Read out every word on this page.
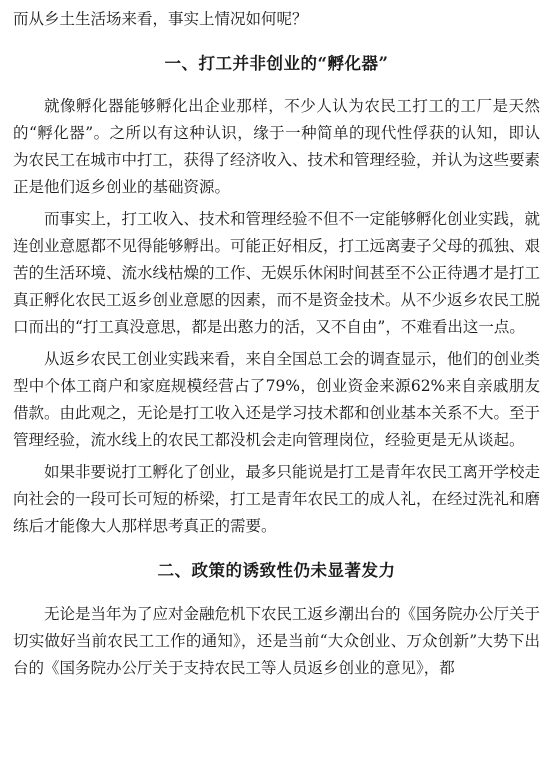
而从乡土生活场来看，事实上情况如何呢？

一、打工并非创业的“孵化器”

就像孵化器能够孵化出企业那样，不少人认为农民工打工的工厂是天然的“孵化器”。之所以有这种认识，缘于一种简单的现代性俘获的认知，即认为农民工在城市中打工，获得了经济收入、技术和管理经验，并认为这些要素正是他们返乡创业的基础资源。

而事实上，打工收入、技术和管理经验不但不一定能够孵化创业实践，就连创业意愿都不见得能够孵出。可能正好相反，打工远离妻子父母的孤独、艰苦的生活环境、流水线枯燥的工作、无娱乐休闲时间甚至不公正待遇才是打工真正孵化农民工返乡创业意愿的因素，而不是资金技术。从不少返乡农民工脱口而出的“打工真没意思，都是出憨力的活，又不自由”，不难看出这一点。

从返乡农民工创业实践来看，来自全国总工会的调查显示，他们的创业类型中个体工商户和家庭规模经营占了79%，创业资金来源62%来自亲戚朋友借款。由此观之，无论是打工收入还是学习技术都和创业基本关系不大。至于管理经验，流水线上的农民工都没机会走向管理岗位，经验更是无从谈起。

如果非要说打工孵化了创业，最多只能说是打工是青年农民工离开学校走向社会的一段可长可短的桥梁，打工是青年农民工的成人礼，在经过洗礼和磨练后才能像大人那样思考真正的需要。

二、政策的诱致性仍未显著发力

无论是当年为了应对金融危机下农民工返乡潮出台的《国务院办公厅关于切实做好当前农民工工作的通知》，还是当前“大众创业、万众创新”大势下出台的《国务院办公厅关于支持农民工等人员返乡创业的意见》，都
